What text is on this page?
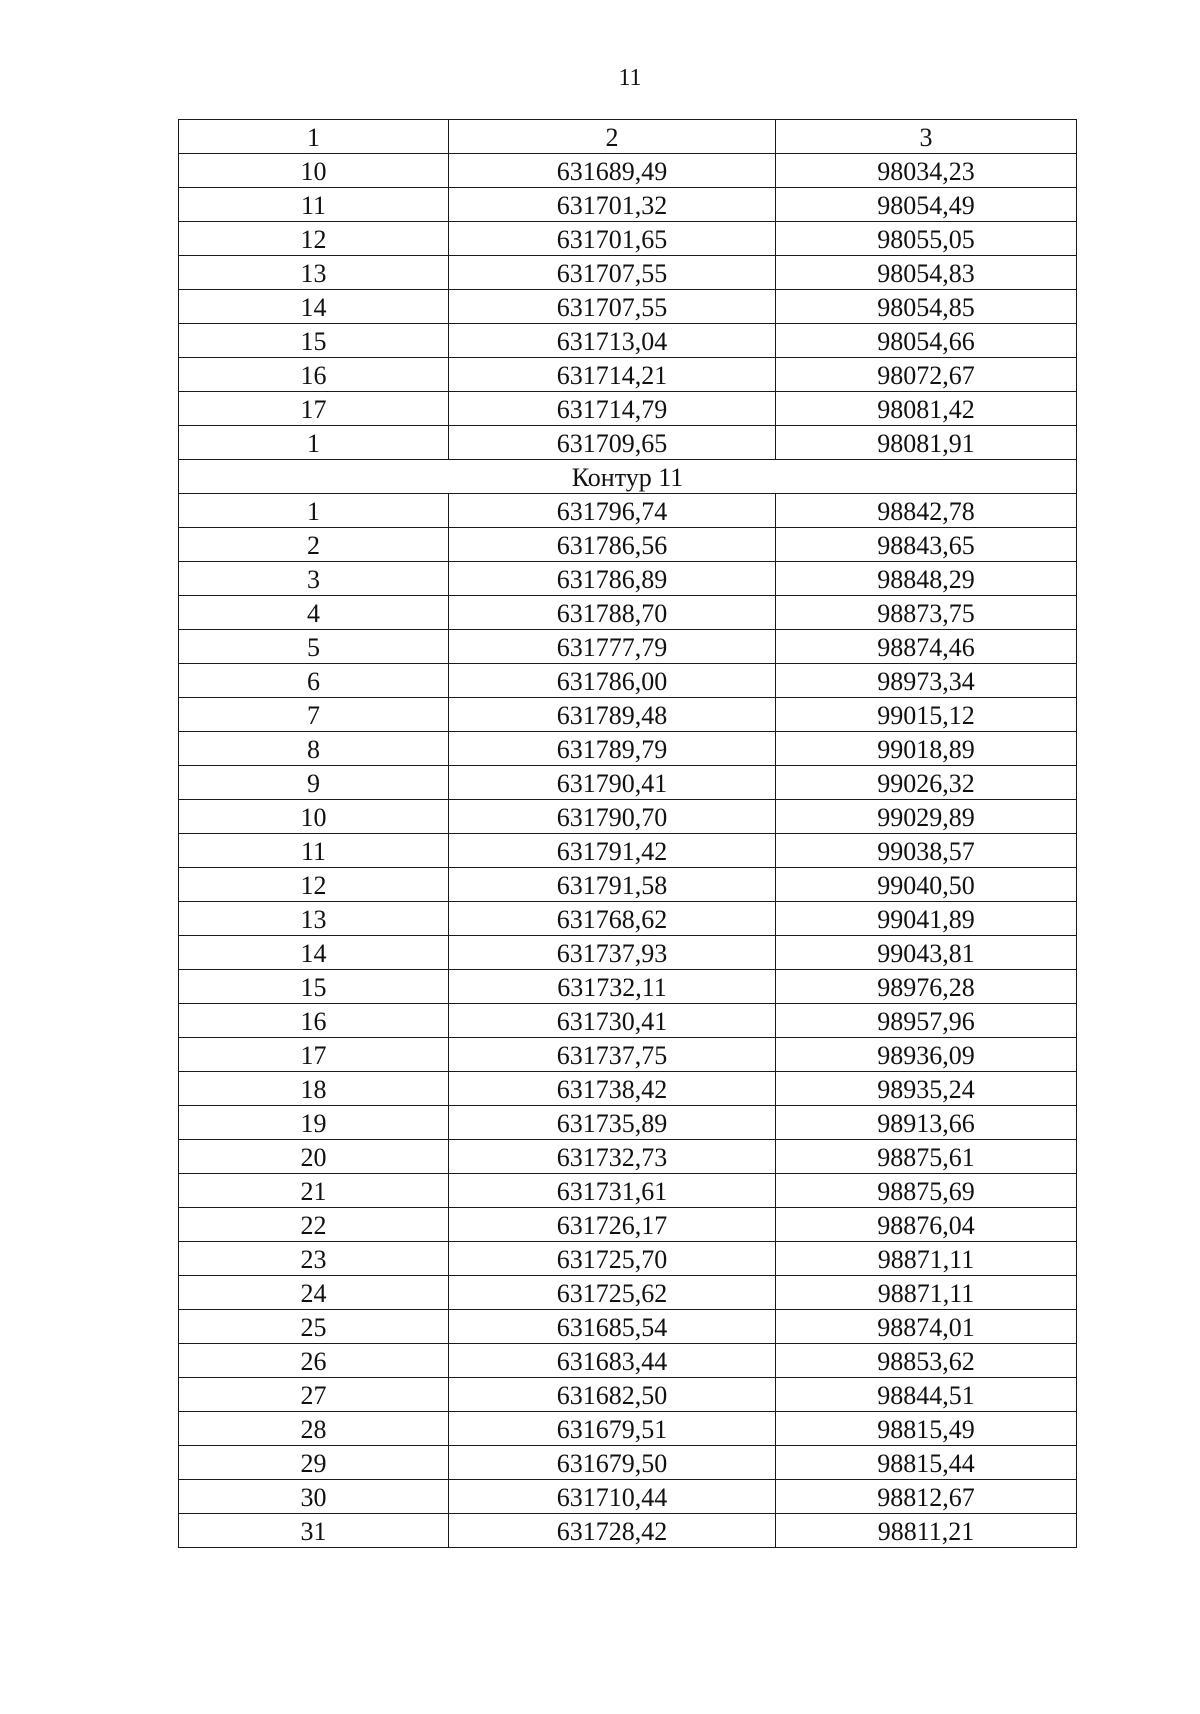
11
1	2	3
10	631689,49	98034,23
11	631701,32	98054,49
12	631701,65	98055,05
13	631707,55	98054,83
14	631707,55	98054,85
15	631713,04	98054,66
16	631714,21	98072,67
17	631714,79	98081,42
1	631709,65	98081,91
Контур 11		
1	631796,74	98842,78
2	631786,56	98843,65
3	631786,89	98848,29
4	631788,70	98873,75
5	631777,79	98874,46
6	631786,00	98973,34
7	631789,48	99015,12
8	631789,79	99018,89
9	631790,41	99026,32
10	631790,70	99029,89
11	631791,42	99038,57
12	631791,58	99040,50
13	631768,62	99041,89
14	631737,93	99043,81
15	631732,11	98976,28
16	631730,41	98957,96
17	631737,75	98936,09
18	631738,42	98935,24
19	631735,89	98913,66
20	631732,73	98875,61
21	631731,61	98875,69
22	631726,17	98876,04
23	631725,70	98871,11
24	631725,62	98871,11
25	631685,54	98874,01
26	631683,44	98853,62
27	631682,50	98844,51
28	631679,51	98815,49
29	631679,50	98815,44
30	631710,44	98812,67
31	631728,42	98811,21
